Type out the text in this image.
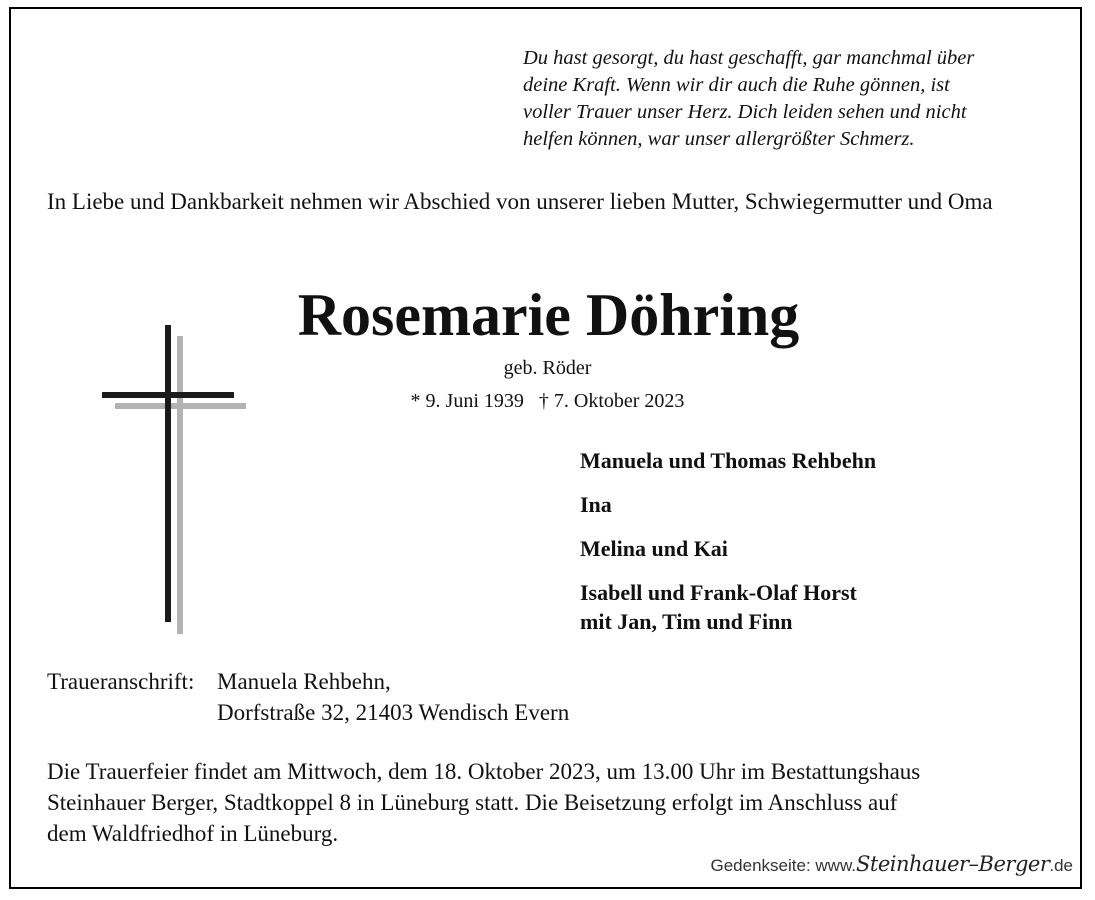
Du hast gesorgt, du hast geschafft, gar manchmal über
deine Kraft. Wenn wir dir auch die Ruhe gönnen, ist
voller Trauer unser Herz. Dich leiden sehen und nicht
helfen können, war unser allergrößter Schmerz.
In Liebe und Dankbarkeit nehmen wir Abschied von unserer lieben Mutter, Schwiegermutter und Oma
Rosemarie Döhring
geb. Röder
* 9. Juni 1939 † 7. Oktober 2023
Manuela und Thomas Rehbehn
Ina
Melina und Kai
Isabell und Frank-Olaf Horst
mit Jan, Tim und Finn
Traueranschrift: Manuela Rehbehn,
Dorfstraße 32, 21403 Wendisch Evern
Die Trauerfeier findet am Mittwoch, dem 18. Oktober 2023, um 13.00 Uhr im Bestattungshaus
Steinhauer Berger, Stadtkoppel 8 in Lüneburg statt. Die Beisetzung erfolgt im Anschluss auf
dem Waldfriedhof in Lüneburg.
Gedenkseite: www.Steinhauer–Berger.de
